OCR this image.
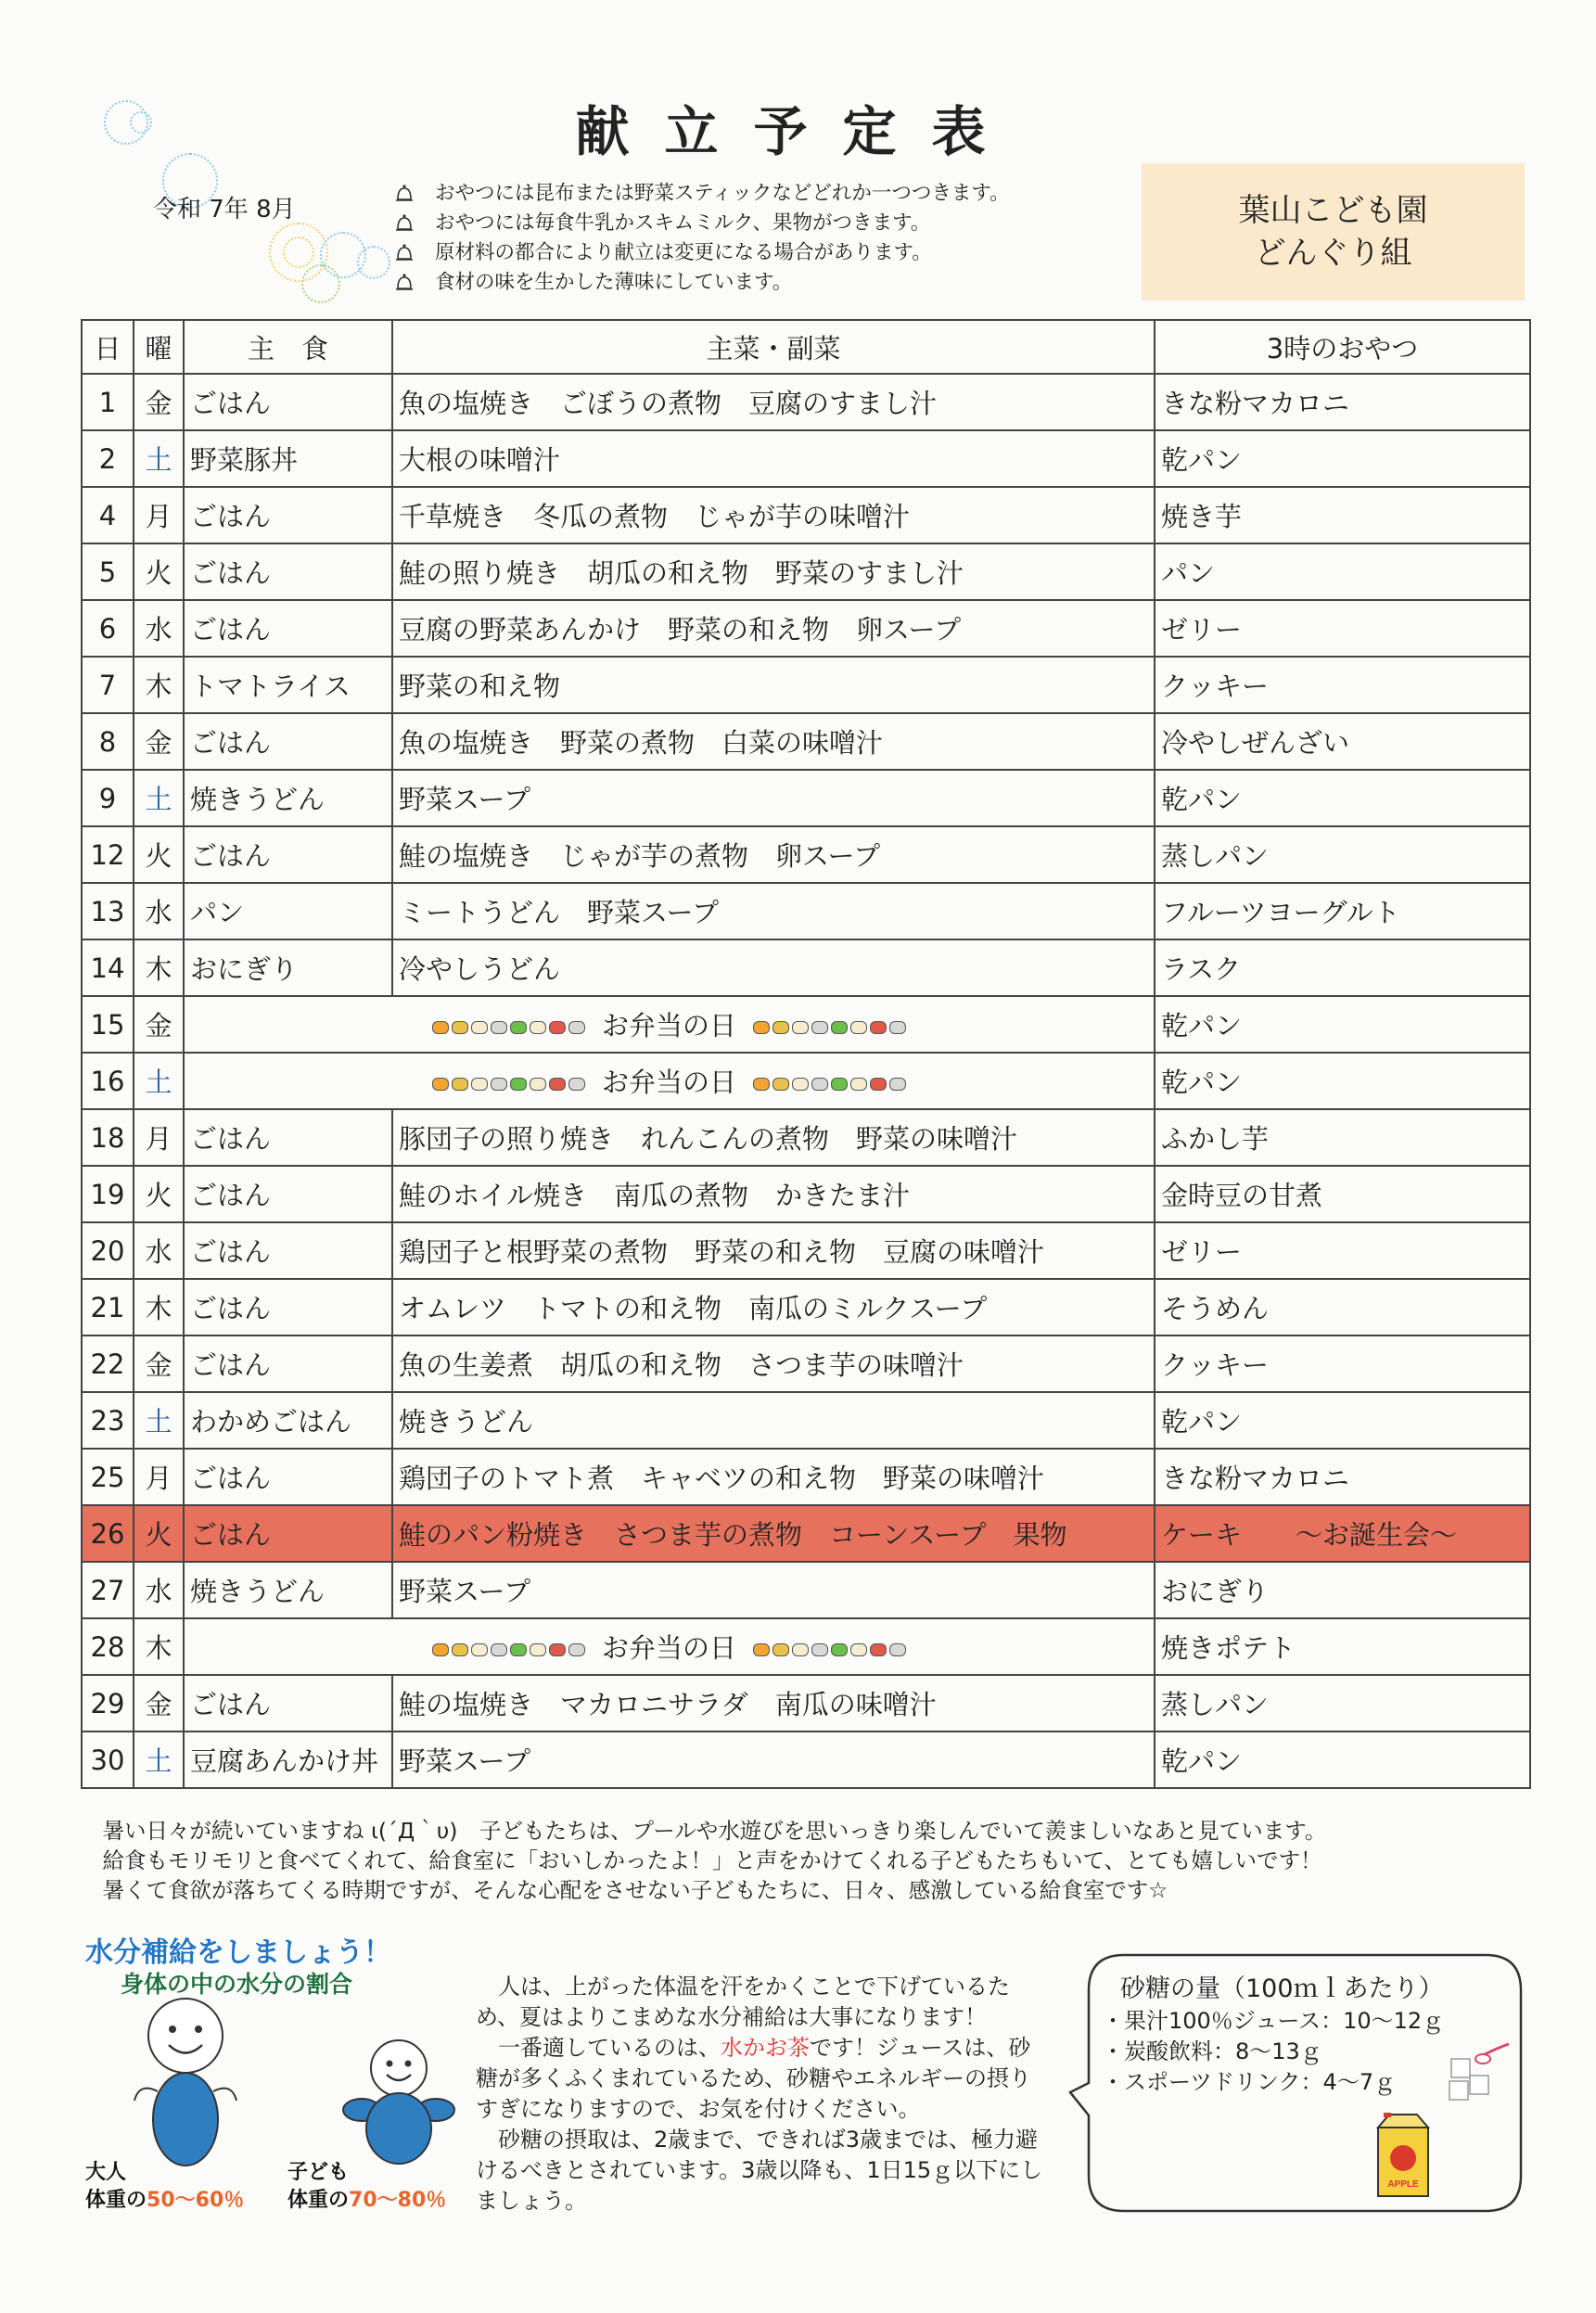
献立予定表
令和 7年 8月
おやつには昆布または野菜スティックなどどれか一つつきます。
おやつには毎食牛乳かスキムミルク、果物がつきます。
原材料の都合により献立は変更になる場合があります。
食材の味を生かした薄味にしています。
葉山こども園
どんぐり組
日	曜	主　食	主菜・副菜	3時のおやつ
1	金	ごはん	魚の塩焼き　ごぼうの煮物　豆腐のすまし汁	きな粉マカロニ
2	土	野菜豚丼	大根の味噌汁	乾パン
4	月	ごはん	千草焼き　冬瓜の煮物　じゃが芋の味噌汁	焼き芋
5	火	ごはん	鮭の照り焼き　胡瓜の和え物　野菜のすまし汁	パン
6	水	ごはん	豆腐の野菜あんかけ　野菜の和え物　卵スープ	ゼリー
7	木	トマトライス	野菜の和え物	クッキー
8	金	ごはん	魚の塩焼き　野菜の煮物　白菜の味噌汁	冷やしぜんざい
9	土	焼きうどん	野菜スープ	乾パン
12	火	ごはん	鮭の塩焼き　じゃが芋の煮物　卵スープ	蒸しパン
13	水	パン	ミートうどん　野菜スープ	フルーツヨーグルト
14	木	おにぎり	冷やしうどん	ラスク
15	金	お弁当の日		乾パン
16	土	お弁当の日		乾パン
18	月	ごはん	豚団子の照り焼き　れんこんの煮物　野菜の味噌汁	ふかし芋
19	火	ごはん	鮭のホイル焼き　南瓜の煮物　かきたま汁	金時豆の甘煮
20	水	ごはん	鶏団子と根野菜の煮物　野菜の和え物　豆腐の味噌汁	ゼリー
21	木	ごはん	オムレツ　トマトの和え物　南瓜のミルクスープ	そうめん
22	金	ごはん	魚の生姜煮　胡瓜の和え物　さつま芋の味噌汁	クッキー
23	土	わかめごはん	焼きうどん	乾パン
25	月	ごはん	鶏団子のトマト煮　キャベツの和え物　野菜の味噌汁	きな粉マカロニ
26	火	ごはん	鮭のパン粉焼き　さつま芋の煮物　コーンスープ　果物	ケーキ　　～お誕生会～
27	水	焼きうどん	野菜スープ	おにぎり
28	木	お弁当の日		焼きポテト
29	金	ごはん	鮭の塩焼き　マカロニサラダ　南瓜の味噌汁	蒸しパン
30	土	豆腐あんかけ丼	野菜スープ	乾パン

暑い日々が続いていますね ι(´Д｀υ)　子どもたちは、プールや水遊びを思いっきり楽しんでいて羨ましいなあと見ています。

給食もモリモリと食べてくれて、給食室に「おいしかったよ！」と声をかけてくれる子どもたちもいて、とても嬉しいです！

暑くて食欲が落ちてくる時期ですが、そんな心配をさせない子どもたちに、日々、感激している給食室です☆

水分補給をしましょう！
身体の中の水分の割合
大人
体重の50～60％
子ども
体重の70～80％

人は、上がった体温を汗をかくことで下げているため、夏はよりこまめな水分補給は大事になります！

一番適しているのは、水かお茶です！ジュースは、砂糖が多くふくまれているため、砂糖やエネルギーの摂りすぎになりますので、お気を付けください。

砂糖の摂取は、2歳まで、できれば3歳までは、極力避けるべきとされています。3歳以降も、1日15ｇ以下にしましょう。

砂糖の量（100ｍｌあたり）
・果汁100％ジュース：10～12ｇ
・炭酸飲料：8～13ｇ
・スポーツドリンク：4～7ｇ
APPLE
